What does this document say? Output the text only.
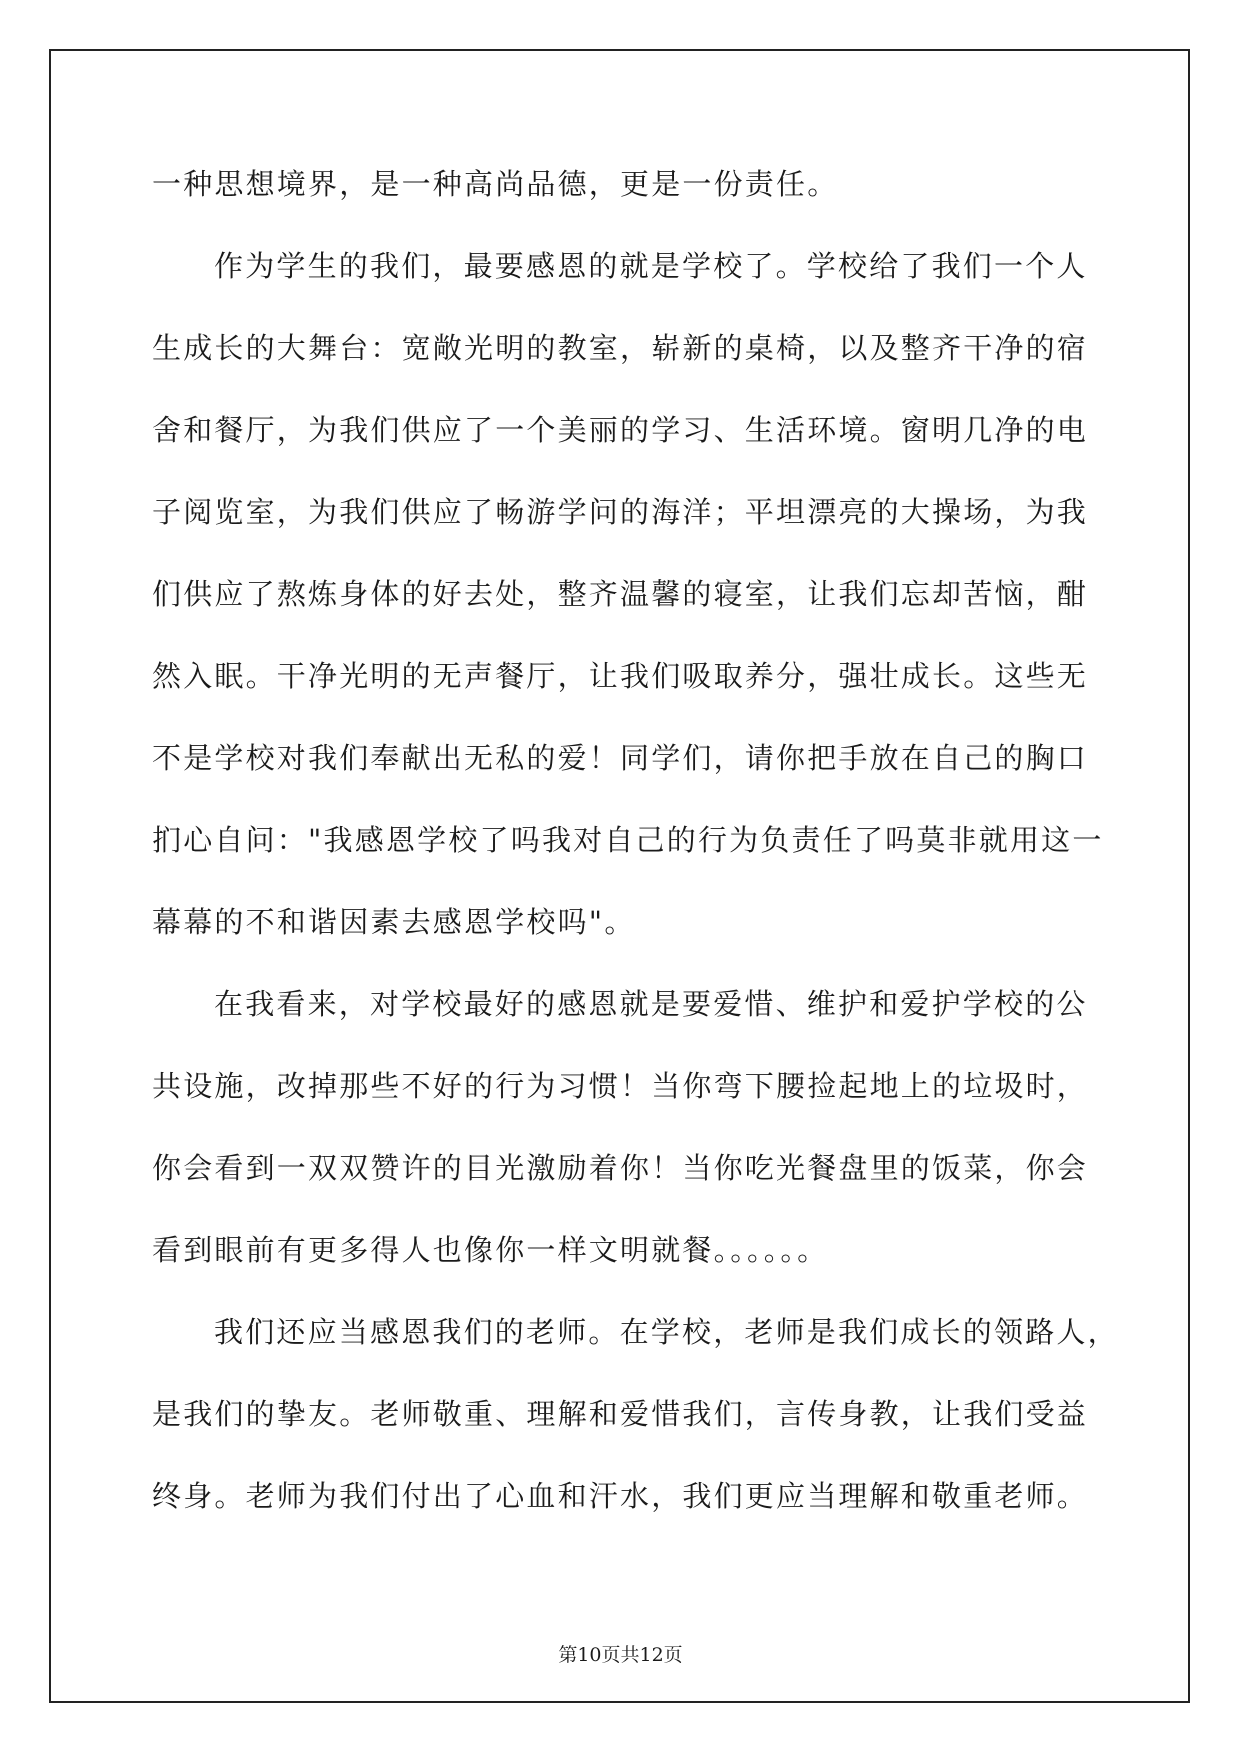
一种思想境界，是一种高尚品德，更是一份责任。
作为学生的我们，最要感恩的就是学校了。学校给了我们一个人
生成长的大舞台：宽敞光明的教室，崭新的桌椅，以及整齐干净的宿
舍和餐厅，为我们供应了一个美丽的学习、生活环境。窗明几净的电
子阅览室，为我们供应了畅游学问的海洋；平坦漂亮的大操场，为我
们供应了熬炼身体的好去处，整齐温馨的寝室，让我们忘却苦恼，酣
然入眠。干净光明的无声餐厅，让我们吸取养分，强壮成长。这些无
不是学校对我们奉献出无私的爱！同学们，请你把手放在自己的胸口
扪心自问："我感恩学校了吗我对自己的行为负责任了吗莫非就用这一
幕幕的不和谐因素去感恩学校吗"。
在我看来，对学校最好的感恩就是要爱惜、维护和爱护学校的公
共设施，改掉那些不好的行为习惯！当你弯下腰捡起地上的垃圾时，
你会看到一双双赞许的目光激励着你！当你吃光餐盘里的饭菜，你会
看到眼前有更多得人也像你一样文明就餐。。。。。。
我们还应当感恩我们的老师。在学校，老师是我们成长的领路人，
是我们的挚友。老师敬重、理解和爱惜我们，言传身教，让我们受益
终身。老师为我们付出了心血和汗水，我们更应当理解和敬重老师。
第10页共12页
